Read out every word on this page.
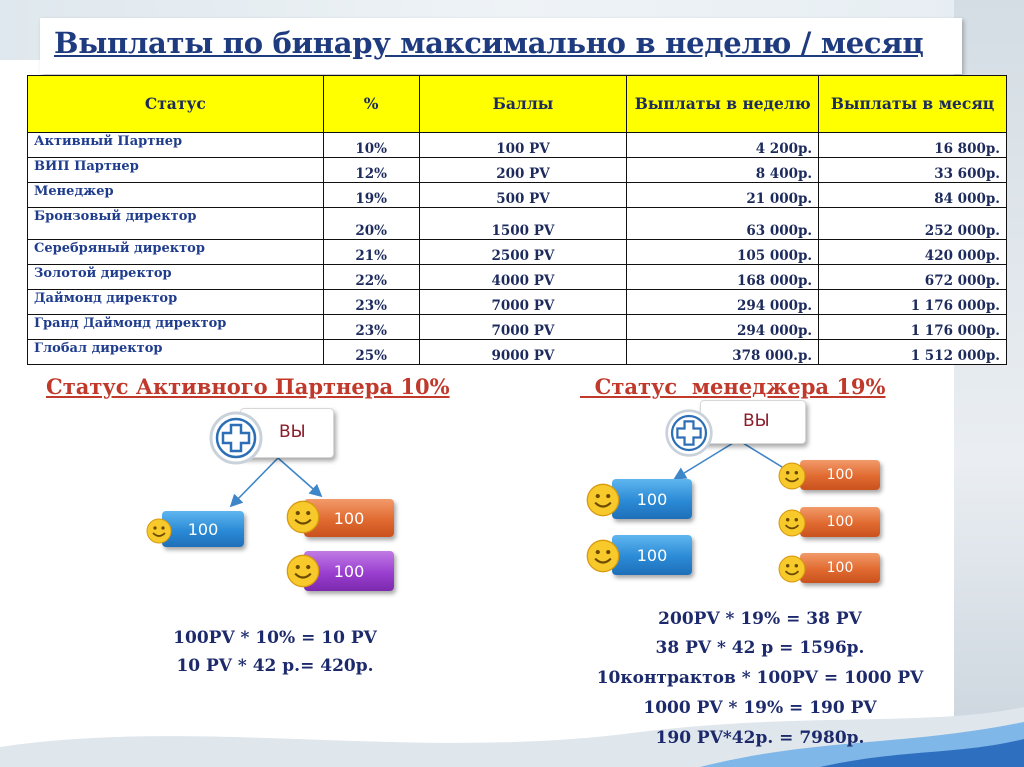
Выплаты по бинару максимально в неделю / месяц
Статус	%	Баллы	Выплаты в неделю	Выплаты в месяц
Активный Партнер	10%	100 PV	4 200р.	16 800р.
ВИП Партнер	12%	200 PV	8 400р.	33 600р.
Менеджер	19%	500 PV	21 000р.	84 000р.
Бронзовый директор	20%	1500 PV	63 000р.	252 000р.
Серебряный директор	21%	2500 PV	105 000р.	420 000р.
Золотой директор	22%	4000 PV	168 000р.	672 000р.
Даймонд директор	23%	7000 PV	294 000р.	1 176 000р.
Гранд Даймонд директор	23%	7000 PV	294 000р.	1 176 000р.
Глобал директор	25%	9000 PV	378 000.р.	1 512 000р.
Статус Активного Партнера 10%	Статус  менеджера 19%
ВЫ
100
100
100
100PV * 10% = 10 PV
10 PV * 42 р.= 420р.
ВЫ
100
100
100
100
100
200PV * 19% = 38 PV
38 PV * 42 р = 1596р.
10контрактов * 100PV = 1000 PV
1000 PV * 19% = 190 PV
190 PV*42р. = 7980р.
